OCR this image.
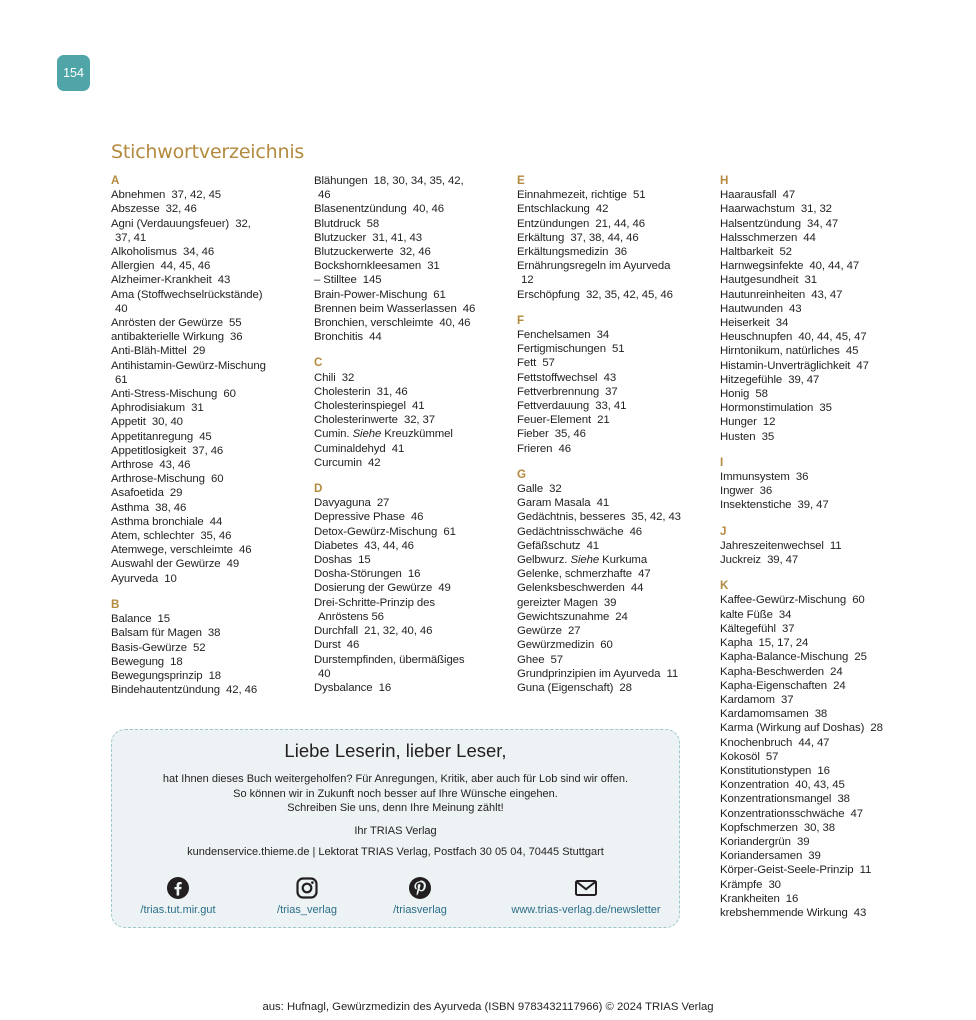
154
Stichwortverzeichnis
A
Abnehmen 37, 42, 45
Abszesse 32, 46
Agni (Verdauungsfeuer) 32,
37, 41
Alkoholismus 34, 46
Allergien 44, 45, 46
Alzheimer-Krankheit 43
Ama (Stoffwechselrückstände)
40
Anrösten der Gewürze 55
antibakterielle Wirkung 36
Anti-Bläh-Mittel 29
Antihistamin-Gewürz-Mischung
61
Anti-Stress-Mischung 60
Aphrodisiakum 31
Appetit 30, 40
Appetitanregung 45
Appetitlosigkeit 37, 46
Arthrose 43, 46
Arthrose-Mischung 60
Asafoetida 29
Asthma 38, 46
Asthma bronchiale 44
Atem, schlechter 35, 46
Atemwege, verschleimte 46
Auswahl der Gewürze 49
Ayurveda 10
B
Balance 15
Balsam für Magen 38
Basis-Gewürze 52
Bewegung 18
Bewegungsprinzip 18
Bindehautentzündung 42, 46
Blähungen 18, 30, 34, 35, 42,
46
Blasenentzündung 40, 46
Blutdruck 58
Blutzucker 31, 41, 43
Blutzuckerwerte 32, 46
Bockshornkleesamen 31
– Stilltee 145
Brain-Power-Mischung 61
Brennen beim Wasserlassen 46
Bronchien, verschleimte 40, 46
Bronchitis 44
C
Chili 32
Cholesterin 31, 46
Cholesterinspiegel 41
Cholesterinwerte 32, 37
Cumin. Siehe Kreuzkümmel
Cuminaldehyd 41
Curcumin 42
D
Davyaguna 27
Depressive Phase 46
Detox-Gewürz-Mischung 61
Diabetes 43, 44, 46
Doshas 15
Dosha-Störungen 16
Dosierung der Gewürze 49
Drei-Schritte-Prinzip des
Anröstens 56
Durchfall 21, 32, 40, 46
Durst 46
Durstempfinden, übermäßiges
40
Dysbalance 16
E
Einnahmezeit, richtige 51
Entschlackung 42
Entzündungen 21, 44, 46
Erkältung 37, 38, 44, 46
Erkältungsmedizin 36
Ernährungsregeln im Ayurveda
12
Erschöpfung 32, 35, 42, 45, 46
F
Fenchelsamen 34
Fertigmischungen 51
Fett 57
Fettstoffwechsel 43
Fettverbrennung 37
Fettverdauung 33, 41
Feuer-Element 21
Fieber 35, 46
Frieren 46
G
Galle 32
Garam Masala 41
Gedächtnis, besseres 35, 42, 43
Gedächtnisschwäche 46
Gefäßschutz 41
Gelbwurz. Siehe Kurkuma
Gelenke, schmerzhafte 47
Gelenksbeschwerden 44
gereizter Magen 39
Gewichtszunahme 24
Gewürze 27
Gewürzmedizin 60
Ghee 57
Grundprinzipien im Ayurveda 11
Guna (Eigenschaft) 28
H
Haarausfall 47
Haarwachstum 31, 32
Halsentzündung 34, 47
Halsschmerzen 44
Haltbarkeit 52
Harnwegsinfekte 40, 44, 47
Hautgesundheit 31
Hautunreinheiten 43, 47
Hautwunden 43
Heiserkeit 34
Heuschnupfen 40, 44, 45, 47
Hirntonikum, natürliches 45
Histamin-Unverträglichkeit 47
Hitzegefühle 39, 47
Honig 58
Hormonstimulation 35
Hunger 12
Husten 35
I
Immunsystem 36
Ingwer 36
Insektenstiche 39, 47
J
Jahreszeitenwechsel 11
Juckreiz 39, 47
K
Kaffee-Gewürz-Mischung 60
kalte Füße 34
Kältegefühl 37
Kapha 15, 17, 24
Kapha-Balance-Mischung 25
Kapha-Beschwerden 24
Kapha-Eigenschaften 24
Kardamom 37
Kardamomsamen 38
Karma (Wirkung auf Doshas) 28
Knochenbruch 44, 47
Kokosöl 57
Konstitutionstypen 16
Konzentration 40, 43, 45
Konzentrationsmangel 38
Konzentrationsschwäche 47
Kopfschmerzen 30, 38
Koriandergrün 39
Koriandersamen 39
Körper-Geist-Seele-Prinzip 11
Krämpfe 30
Krankheiten 16
krebshemmende Wirkung 43
Liebe Leserin, lieber Leser,
hat Ihnen dieses Buch weitergeholfen? Für Anregungen, Kritik, aber auch für Lob sind wir offen.
So können wir in Zukunft noch besser auf Ihre Wünsche eingehen.
Schreiben Sie uns, denn Ihre Meinung zählt!
Ihr TRIAS Verlag
kundenservice.thieme.de | Lektorat TRIAS Verlag, Postfach 30 05 04, 70445 Stuttgart
/trias.tut.mir.gut	/trias_verlag	/triasverlag	www.trias-verlag.de/newsletter
aus: Hufnagl, Gewürzmedizin des Ayurveda (ISBN 9783432117966) © 2024 TRIAS Verlag
